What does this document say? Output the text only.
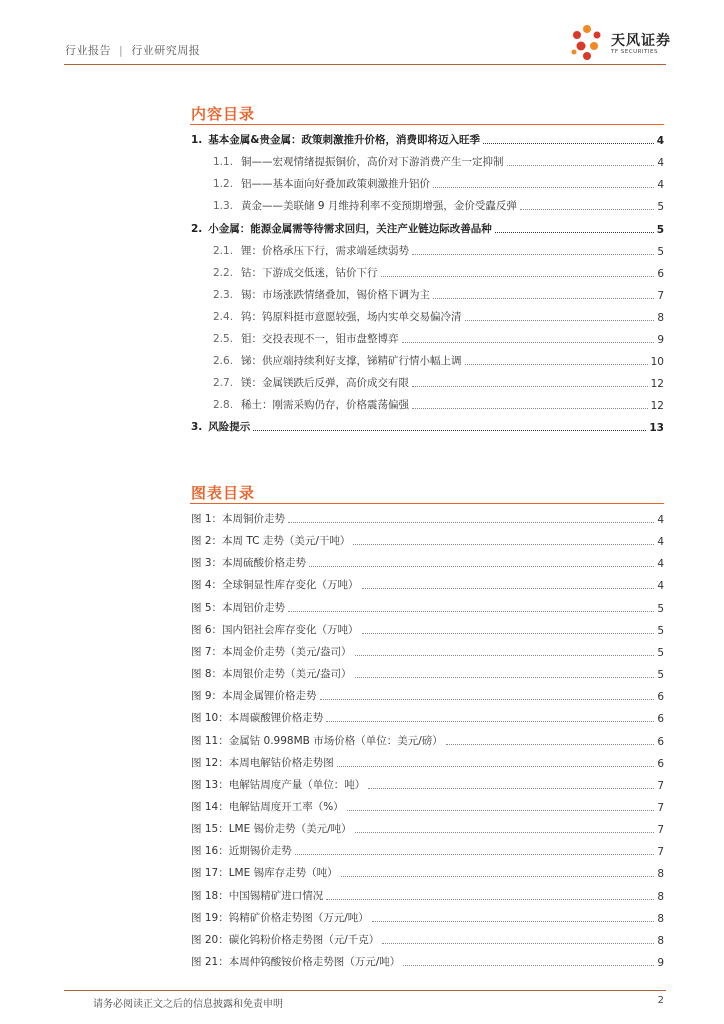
行业报告 | 行业研究周报
天风证券
TF SECURITIES
内容目录
1. 基本金属&贵金属：政策刺激推升价格，消费即将迈入旺季	4
1.1. 铜——宏观情绪提振铜价，高价对下游消费产生一定抑制	4
1.2. 铝——基本面向好叠加政策刺激推升铝价	4
1.3. 黄金——美联储 9 月维持利率不变预期增强，金价受蠹反弹	5
2. 小金属：能源金属需等待需求回归，关注产业链边际改善品种	5
2.1. 锂：价格承压下行，需求端延续弱势	5
2.2. 钴：下游成交低迷，钴价下行	6
2.3. 锡：市场涨跌情绪叠加，锡价格下调为主	7
2.4. 钨：钨原料挺市意愿较强，场内实单交易偏冷清	8
2.5. 钼：交投表现不一，钼市盘整博弈	9
2.6. 锑：供应端持续利好支撑，锑精矿行情小幅上调	10
2.7. 镁：金属镁跌后反弹，高价成交有限	12
2.8. 稀土：刚需采购仍存，价格震荡偏强	12
3. 风险提示	13
图表目录
图 1：本周铜价走势	4
图 2：本周 TC 走势（美元/干吨）	4
图 3：本周硫酸价格走势	4
图 4：全球铜显性库存变化（万吨）	4
图 5：本周铝价走势	5
图 6：国内铝社会库存变化（万吨）	5
图 7：本周金价走势（美元/盎司）	5
图 8：本周银价走势（美元/盎司）	5
图 9：本周金属锂价格走势	6
图 10：本周碳酸锂价格走势	6
图 11：金属钴 0.998MB 市场价格（单位：美元/磅）	6
图 12：本周电解钴价格走势图	6
图 13：电解钴周度产量（单位：吨）	7
图 14：电解钴周度开工率（%）	7
图 15：LME 锡价走势（美元/吨）	7
图 16：近期锡价走势	7
图 17：LME 锡库存走势（吨）	8
图 18：中国锡精矿进口情况	8
图 19：钨精矿价格走势图（万元/吨）	8
图 20：碳化钨粉价格走势图（元/千克）	8
图 21：本周仲钨酸铵价格走势图（万元/吨）	9
请务必阅读正文之后的信息披露和免责申明	2
